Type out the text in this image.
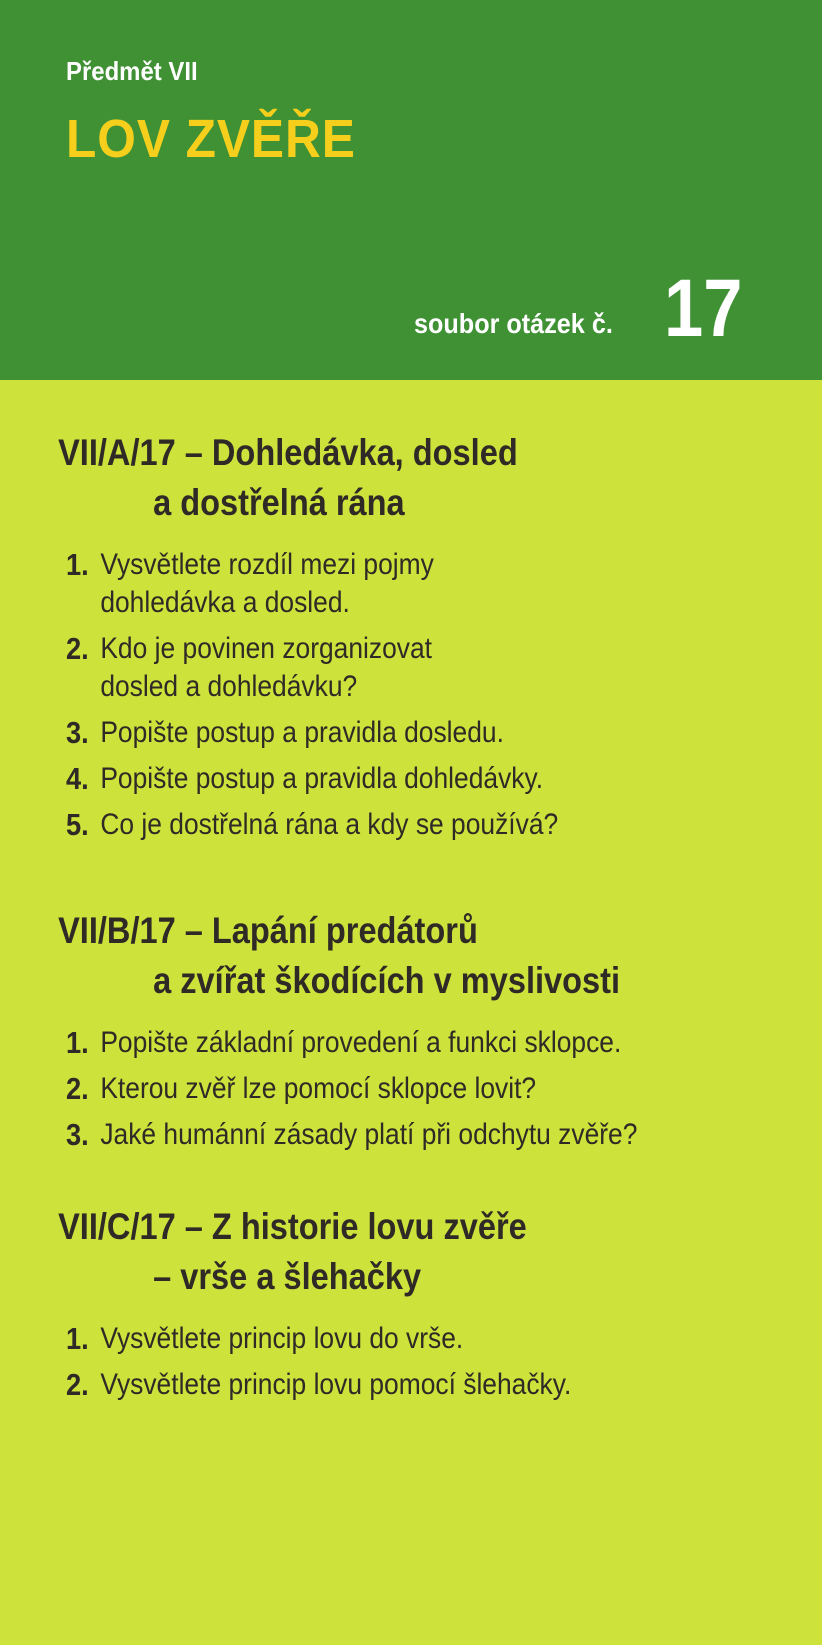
Předmět VII
LOV ZVĚŘE
soubor otázek č. 17
VII/A/17 – Dohledávka, dosled
a dostřelná rána
1. Vysvětlete rozdíl mezi pojmy
dohledávka a dosled.
2. Kdo je povinen zorganizovat
dosled a dohledávku?
3. Popište postup a pravidla dosledu.
4. Popište postup a pravidla dohledávky.
5. Co je dostřelná rána a kdy se používá?
VII/B/17 – Lapání predátorů
a zvířat škodících v myslivosti
1. Popište základní provedení a funkci sklopce.
2. Kterou zvěř lze pomocí sklopce lovit?
3. Jaké humánní zásady platí při odchytu zvěře?
VII/C/17 – Z historie lovu zvěře
– vrše a šlehačky
1. Vysvětlete princip lovu do vrše.
2. Vysvětlete princip lovu pomocí šlehačky.
